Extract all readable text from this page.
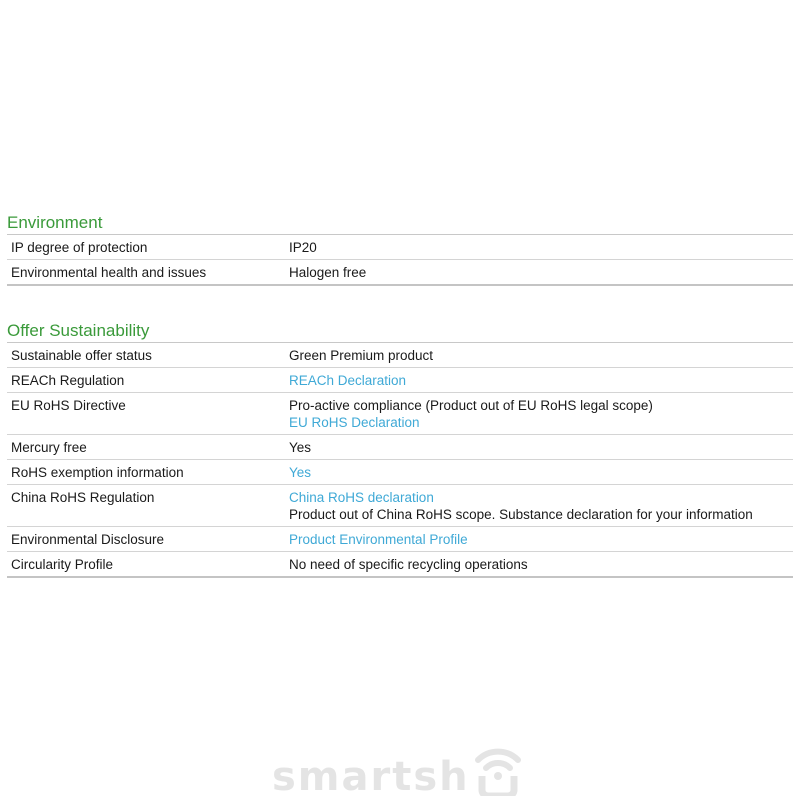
Environment
IP degree of protection	IP20
Environmental health and issues	Halogen free
Offer Sustainability
Sustainable offer status	Green Premium product
REACh Regulation	REACh Declaration
EU RoHS Directive	Pro-active compliance (Product out of EU RoHS legal scope)
EU RoHS Declaration
Mercury free	Yes
RoHS exemption information	Yes
China RoHS Regulation	China RoHS declaration
Product out of China RoHS scope. Substance declaration for your information
Environmental Disclosure	Product Environmental Profile
Circularity Profile	No need of specific recycling operations
smartsh
